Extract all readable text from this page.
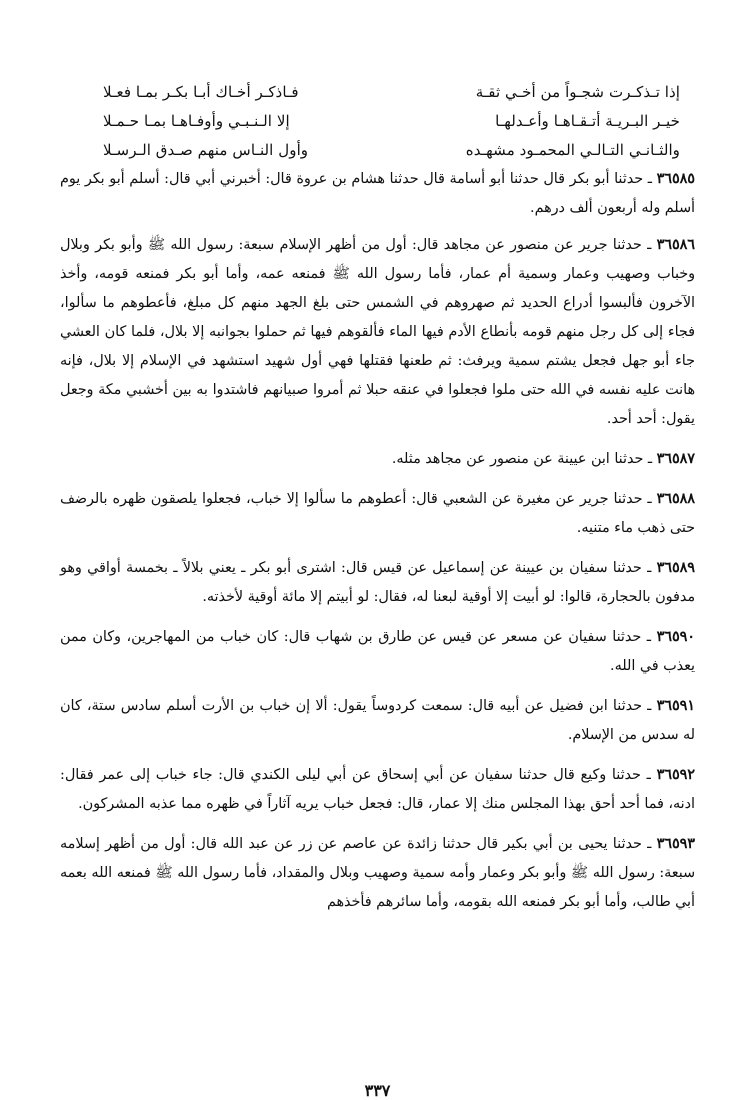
إذا تـذكـرت شجـواً من أخـي ثقـة
فـاذكـر أخـاك أبـا بكـر بمـا فعـلا
خيـر البـريـة أتـقـاهـا وأعـدلهـا
إلا الـنـبـي وأوفـاهـا بمـا حـمـلا
والثـانـي التـالـي المحمـود مشهـده
وأول النـاس منهم صـدق الـرسـلا

٣٦٥٨٥ ـ حدثنا أبو بكر قال حدثنا أبو أسامة قال حدثنا هشام بن عروة قال: أخبرني أبي قال: أسلم أبو بكر يوم أسلم وله أربعون ألف درهم.

٣٦٥٨٦ ـ حدثنا جرير عن منصور عن مجاهد قال: أول من أظهر الإسلام سبعة: رسول الله ﷺ وأبو بكر وبلال وخباب وصهيب وعمار وسمية أم عمار، فأما رسول الله ﷺ فمنعه عمه، وأما أبو بكر فمنعه قومه، وأخذ الآخرون فألبسوا أدراع الحديد ثم صهروهم في الشمس حتى بلغ الجهد منهم كل مبلغ، فأعطوهم ما سألوا، فجاء إلى كل رجل منهم قومه بأنطاع الأدم فيها الماء فألقوهم فيها ثم حملوا بجوانبه إلا بلال، فلما كان العشي جاء أبو جهل فجعل يشتم سمية ويرفث: ثم طعنها فقتلها فهي أول شهيد استشهد في الإسلام إلا بلال، فإنه هانت عليه نفسه في الله حتى ملوا فجعلوا في عنقه حبلا ثم أمروا صبيانهم فاشتدوا به بين أخشبي مكة وجعل يقول: أحد أحد.

٣٦٥٨٧ ـ حدثنا ابن عيينة عن منصور عن مجاهد مثله.

٣٦٥٨٨ ـ حدثنا جرير عن مغيرة عن الشعبي قال: أعطوهم ما سألوا إلا خباب، فجعلوا يلصقون ظهره بالرضف حتى ذهب ماء متنيه.

٣٦٥٨٩ ـ حدثنا سفيان بن عيينة عن إسماعيل عن قيس قال: اشترى أبو بكر ـ يعني بلالاً ـ بخمسة أواقي وهو مدفون بالحجارة، قالوا: لو أبيت إلا أوقية لبعنا له، فقال: لو أبيتم إلا مائة أوقية لأخذته.

٣٦٥٩٠ ـ حدثنا سفيان عن مسعر عن قيس عن طارق بن شهاب قال: كان خباب من المهاجرين، وكان ممن يعذب في الله.

٣٦٥٩١ ـ حدثنا ابن فضيل عن أبيه قال: سمعت كردوساً يقول: ألا إن خباب بن الأرت أسلم سادس ستة، كان له سدس من الإسلام.

٣٦٥٩٢ ـ حدثنا وكيع قال حدثنا سفيان عن أبي إسحاق عن أبي ليلى الكندي قال: جاء خباب إلى عمر فقال: ادنه، فما أحد أحق بهذا المجلس منك إلا عمار، قال: فجعل خباب يريه آثاراً في ظهره مما عذبه المشركون.

٣٦٥٩٣ ـ حدثنا يحيى بن أبي بكير قال حدثنا زائدة عن عاصم عن زر عن عبد الله قال: أول من أظهر إسلامه سبعة: رسول الله ﷺ وأبو بكر وعمار وأمه سمية وصهيب وبلال والمقداد، فأما رسول الله ﷺ فمنعه الله بعمه أبي طالب، وأما أبو بكر فمنعه الله بقومه، وأما سائرهم فأخذهم

٣٣٧
